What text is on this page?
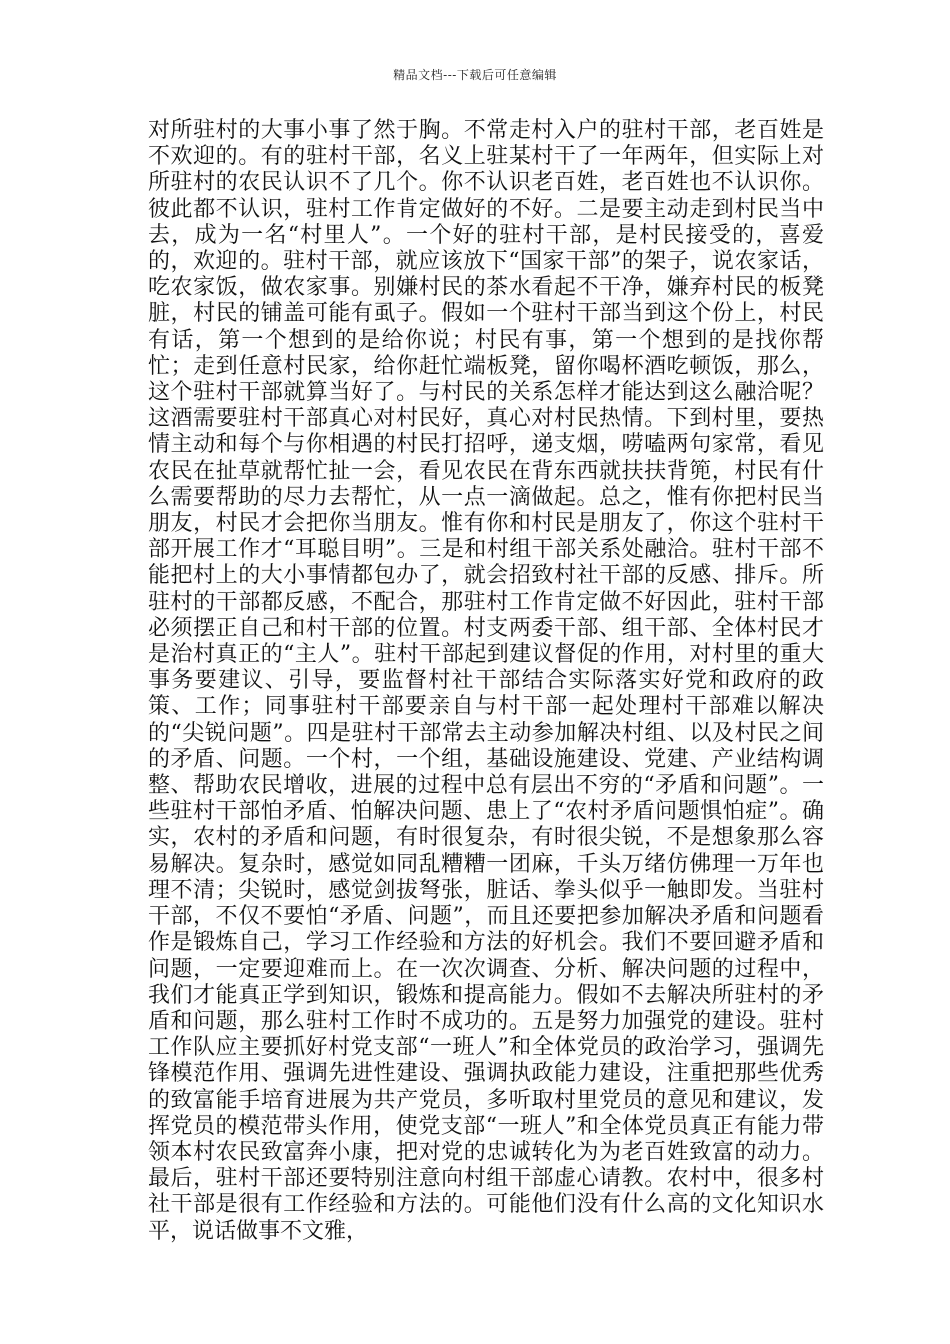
精品文档---下载后可任意编辑

对所驻村的大事小事了然于胸。不常走村入户的驻村干部，老百姓是不欢迎的。有的驻村干部，名义上驻某村干了一年两年，但实际上对所驻村的农民认识不了几个。你不认识老百姓，老百姓也不认识你。彼此都不认识，驻村工作肯定做好的不好。二是要主动走到村民当中去，成为一名“村里人”。一个好的驻村干部，是村民接受的，喜爱的，欢迎的。驻村干部，就应该放下“国家干部”的架子，说农家话，吃农家饭，做农家事。别嫌村民的茶水看起不干净，嫌弃村民的板凳脏，村民的铺盖可能有虱子。假如一个驻村干部当到这个份上，村民有话，第一个想到的是给你说；村民有事，第一个想到的是找你帮忙；走到任意村民家，给你赶忙端板凳，留你喝杯酒吃顿饭，那么，这个驻村干部就算当好了。与村民的关系怎样才能达到这么融洽呢？这酒需要驻村干部真心对村民好，真心对村民热情。下到村里，要热情主动和每个与你相遇的村民打招呼，递支烟，唠嗑两句家常，看见农民在扯草就帮忙扯一会，看见农民在背东西就扶扶背篼，村民有什么需要帮助的尽力去帮忙，从一点一滴做起。总之，惟有你把村民当朋友，村民才会把你当朋友。惟有你和村民是朋友了，你这个驻村干部开展工作才“耳聪目明”。三是和村组干部关系处融洽。驻村干部不能把村上的大小事情都包办了，就会招致村社干部的反感、排斥。所驻村的干部都反感，不配合，那驻村工作肯定做不好因此，驻村干部必须摆正自己和村干部的位置。村支两委干部、组干部、全体村民才是治村真正的“主人”。驻村干部起到建议督促的作用，对村里的重大事务要建议、引导，要监督村社干部结合实际落实好党和政府的政策、工作；同事驻村干部要亲自与村干部一起处理村干部难以解决的“尖锐问题”。四是驻村干部常去主动参加解决村组、以及村民之间的矛盾、问题。一个村，一个组，基础设施建设、党建、产业结构调整、帮助农民增收，进展的过程中总有层出不穷的“矛盾和问题”。一些驻村干部怕矛盾、怕解决问题、患上了“农村矛盾问题惧怕症”。确实，农村的矛盾和问题，有时很复杂，有时很尖锐，不是想象那么容易解决。复杂时，感觉如同乱糟糟一团麻，千头万绪仿佛理一万年也理不清；尖锐时，感觉剑拔弩张，脏话、拳头似乎一触即发。当驻村干部，不仅不要怕“矛盾、问题”，而且还要把参加解决矛盾和问题看作是锻炼自己，学习工作经验和方法的好机会。我们不要回避矛盾和问题，一定要迎难而上。在一次次调查、分析、解决问题的过程中，我们才能真正学到知识，锻炼和提高能力。假如不去解决所驻村的矛盾和问题，那么驻村工作时不成功的。五是努力加强党的建设。驻村工作队应主要抓好村党支部“一班人”和全体党员的政治学习，强调先锋模范作用、强调先进性建设、强调执政能力建设，注重把那些优秀的致富能手培育进展为共产党员，多听取村里党员的意见和建议，发挥党员的模范带头作用，使党支部“一班人”和全体党员真正有能力带领本村农民致富奔小康，把对党的忠诚转化为为老百姓致富的动力。最后，驻村干部还要特别注意向村组干部虚心请教。农村中，很多村社干部是很有工作经验和方法的。可能他们没有什么高的文化知识水平，说话做事不文雅，
